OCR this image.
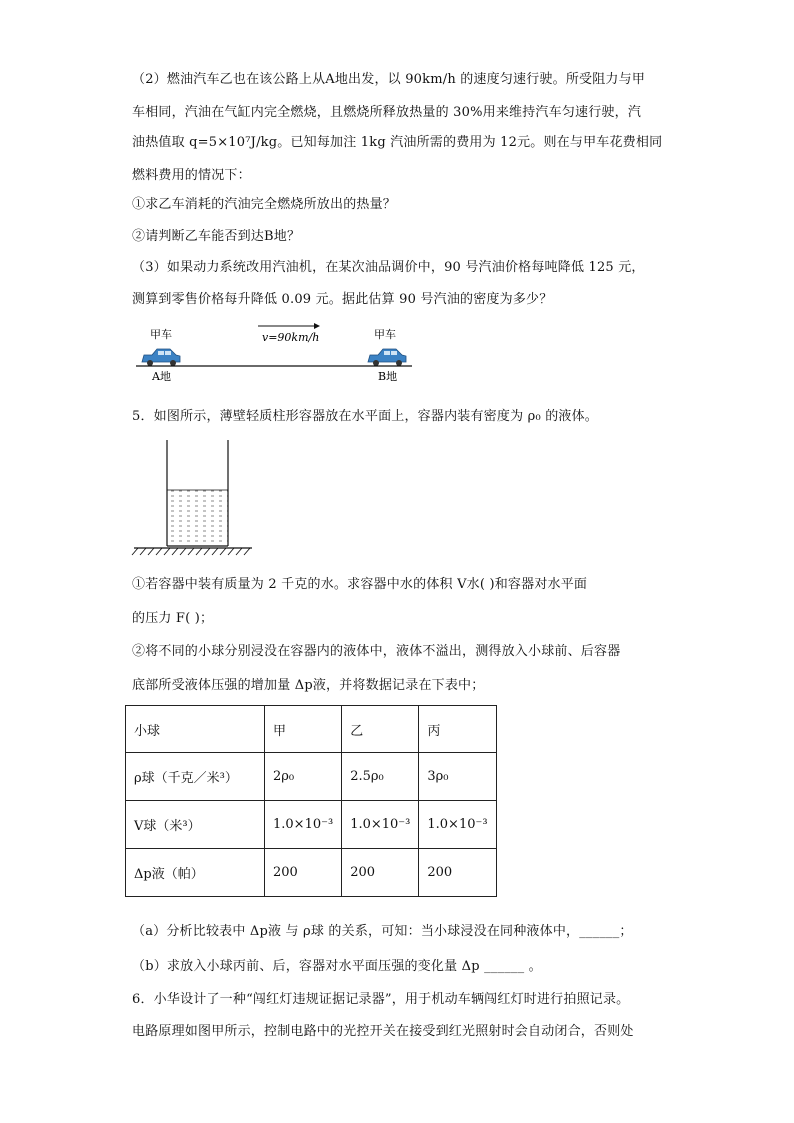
（2）燃油汽车乙也在该公路上从A地出发，以 90km/h 的速度匀速行驶。所受阻力与甲
车相同，汽油在气缸内完全燃烧，且燃烧所释放热量的 30%用来维持汽车匀速行驶，汽
油热值取 q=5×10⁷J/kg。已知每加注 1kg 汽油所需的费用为 12元。则在与甲车花费相同
燃料费用的情况下：
①求乙车消耗的汽油完全燃烧所放出的热量？
②请判断乙车能否到达B地？
（3）如果动力系统改用汽油机，在某次油品调价中，90 号汽油价格每吨降低 125 元，
测算到零售价格每升降低 0.09 元。据此估算 90 号汽油的密度为多少？
甲车	甲车
v=90km/h
A地	B地
5．如图所示，薄壁轻质柱形容器放在水平面上，容器内装有密度为 ρ₀ 的液体。
①若容器中装有质量为 2 千克的水。求容器中水的体积 V水( )和容器对水平面
的压力 F( )；
②将不同的小球分别浸没在容器内的液体中，液体不溢出，测得放入小球前、后容器
底部所受液体压强的增加量 Δp液，并将数据记录在下表中；
小球	甲	乙	丙
ρ球（千克／米³）	2ρ₀	2.5ρ₀	3ρ₀
V球（米³）	1.0×10⁻³	1.0×10⁻³	1.0×10⁻³
Δp液（帕）	200	200	200
（a）分析比较表中 Δp液 与 ρ球 的关系，可知：当小球浸没在同种液体中，______；
（b）求放入小球丙前、后，容器对水平面压强的变化量 Δp ______ 。
6．小华设计了一种“闯红灯违规证据记录器”，用于机动车辆闯红灯时进行拍照记录。
电路原理如图甲所示，控制电路中的光控开关在接受到红光照射时会自动闭合，否则处
